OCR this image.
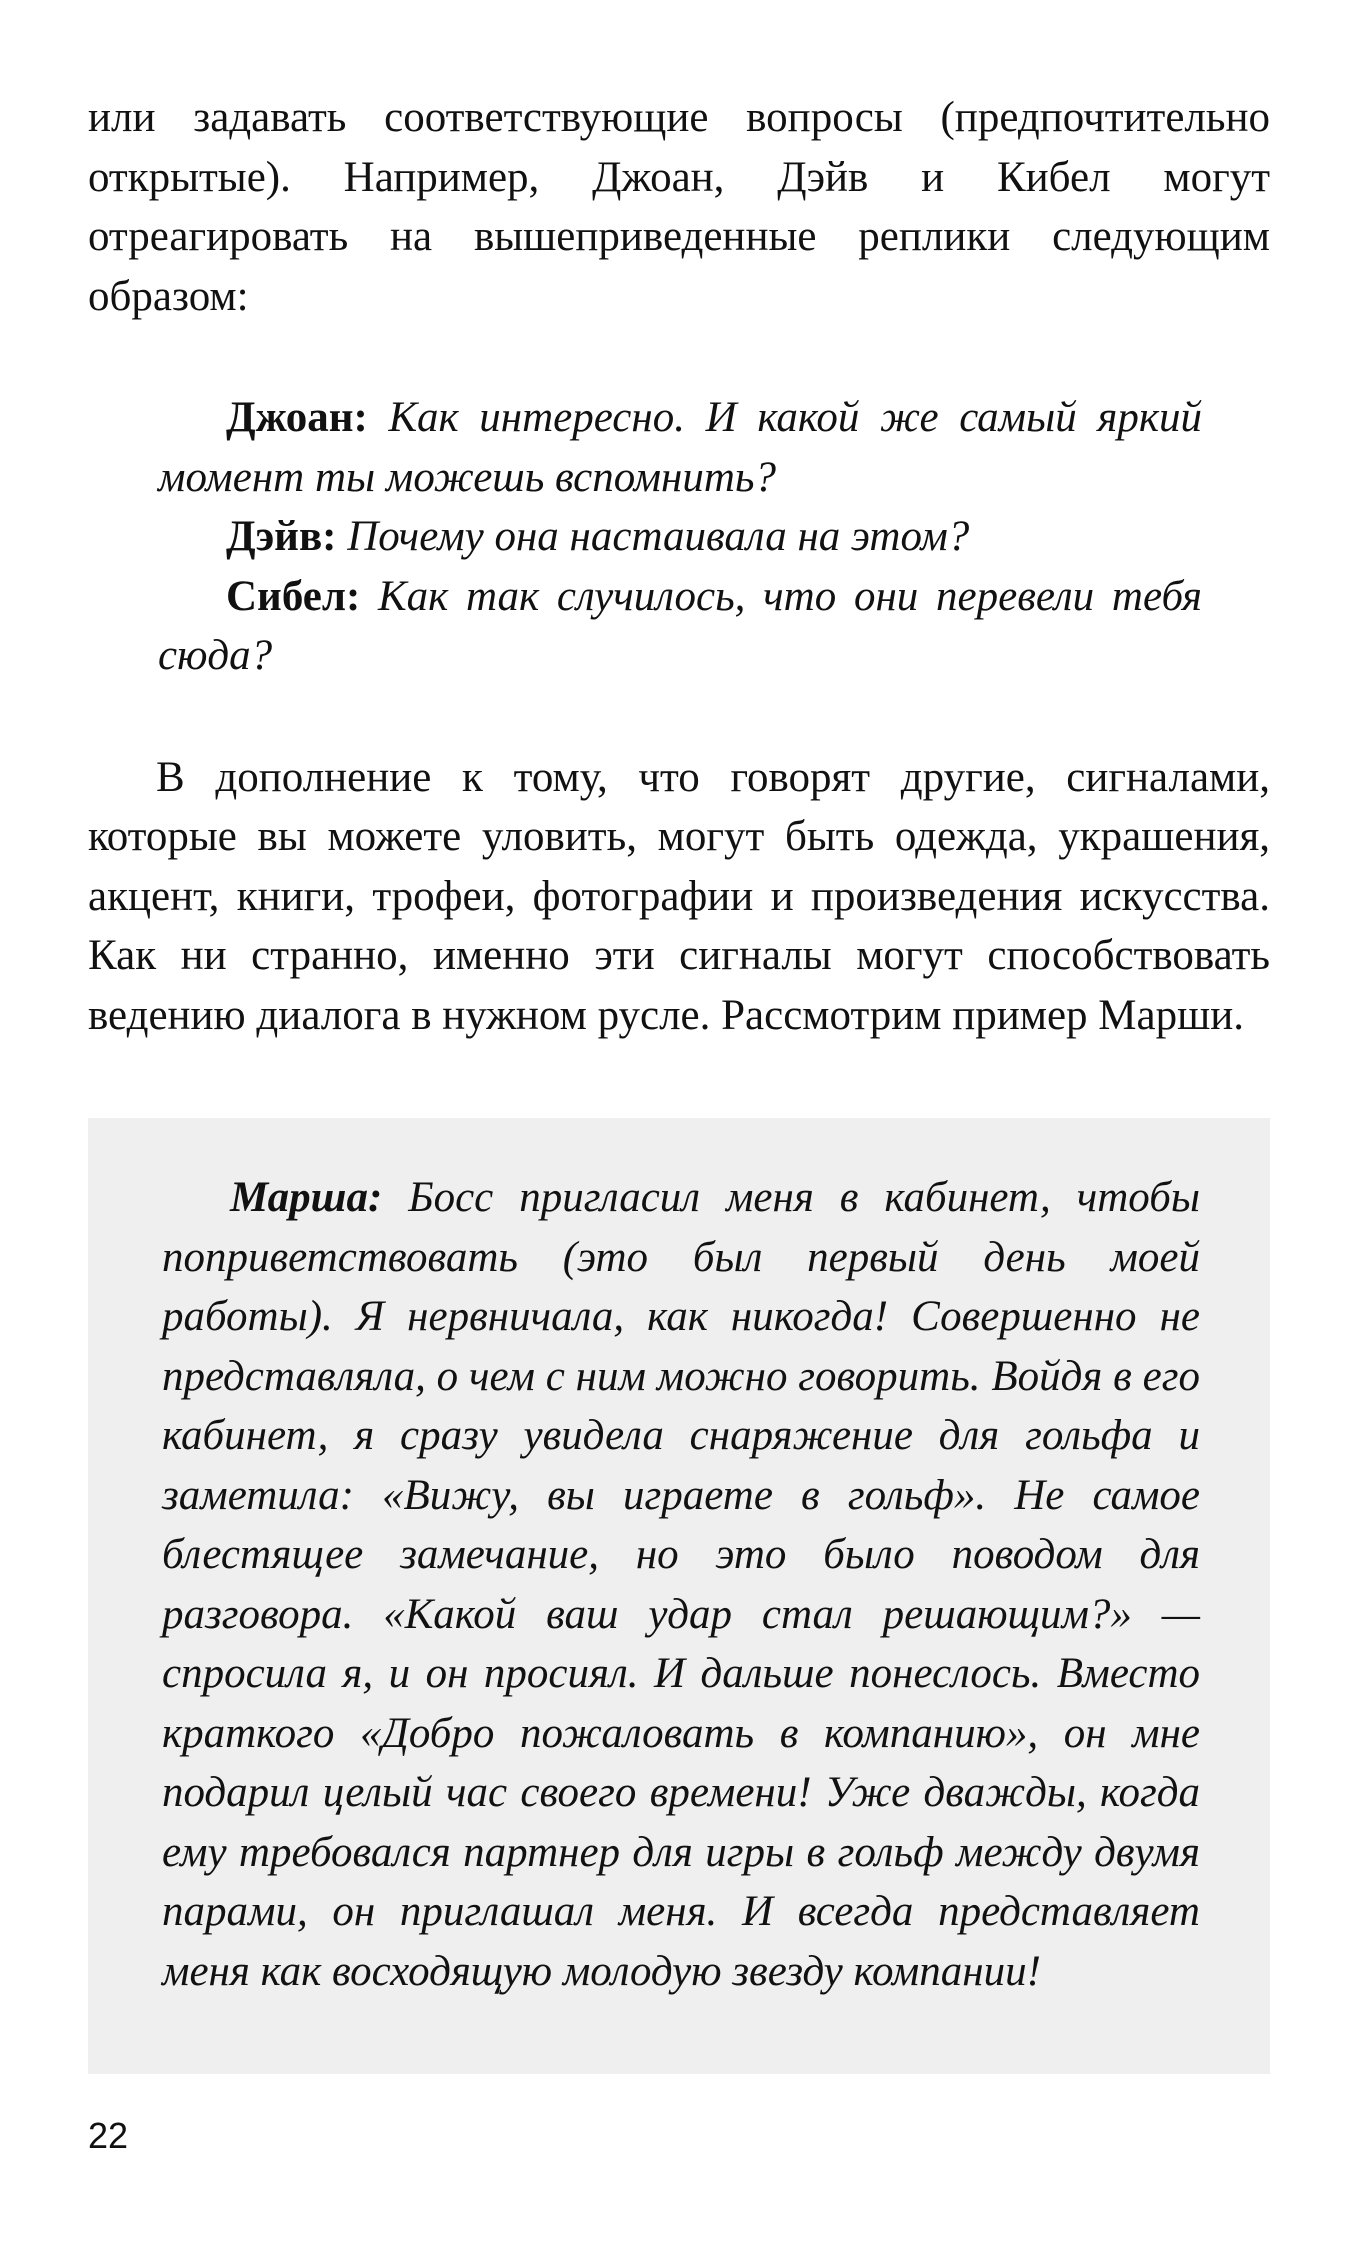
или задавать соответствующие вопросы (предпочтительно открытые). Например, Джоан, Дэйв и Кибел могут отреагировать на вышеприведенные реплики следующим образом:

Джоан: Как интересно. И какой же самый яркий момент ты можешь вспомнить?

Дэйв: Почему она настаивала на этом?

Сибел: Как так случилось, что они перевели тебя сюда?

В дополнение к тому, что говорят другие, сигналами, которые вы можете уловить, могут быть одежда, украшения, акцент, книги, трофеи, фотографии и произведения искусства. Как ни странно, именно эти сигналы могут способствовать ведению диалога в нужном русле. Рассмотрим пример Марши.

Марша: Босс пригласил меня в кабинет, чтобы поприветствовать (это был первый день моей работы). Я нервничала, как никогда! Совершенно не представляла, о чем с ним можно говорить. Войдя в его кабинет, я сразу увидела снаряжение для гольфа и заметила: «Вижу, вы играете в гольф». Не самое блестящее замечание, но это было поводом для разговора. «Какой ваш удар стал решающим?» — спросила я, и он просиял. И дальше понеслось. Вместо краткого «Добро пожаловать в компанию», он мне подарил целый час своего времени! Уже дважды, когда ему требовался партнер для игры в гольф между двумя парами, он приглашал меня. И всегда представляет меня как восходящую молодую звезду компании!

22
